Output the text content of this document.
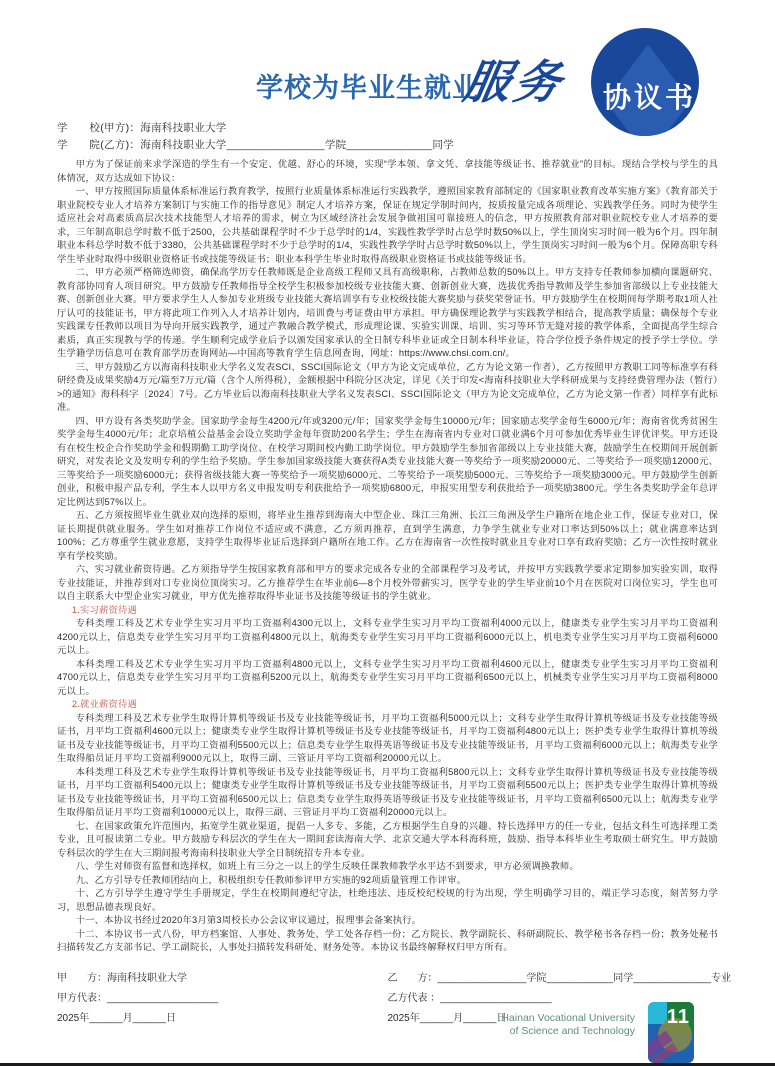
学校为毕业生就业
服务 协议书
学　　校(甲方)：海南科技职业大学
学　　院(乙方)：海南科技职业大学________________学院______________同学

甲方为了保证前来求学深造的学生有一个安定、优越、舒心的环境，实现“学本领、拿文凭、拿技能等级证书、推荐就业”的目标。现结合学校与学生的具体情况，双方达成如下协议：

一、甲方按照国际质量体系标准运行教育教学，按照行业质量体系标准运行实践教学，遵照国家教育部制定的《国家职业教育改革实施方案》《教育部关于职业院校专业人才培养方案制订与实施工作的指导意见》制定人才培养方案，保证在规定学制时间内，按质按量完成各项理论、实践教学任务。同时为使学生适应社会对高素质高层次技术技能型人才培养的需求，树立为区域经济社会发展争做祖国可靠接班人的信念，甲方按照教育部对职业院校专业人才培养的要求，三年制高职总学时数不低于2500，公共基础课程学时不少于总学时的1/4，实践性教学学时占总学时数50%以上，学生顶岗实习时间一般为6个月。四年制职业本科总学时数不低于3380，公共基础课程学时不少于总学时的1/4，实践性教学学时占总学时数50%以上，学生顶岗实习时间一般为6个月。保障高职专科学生毕业时取得中级职业资格证书或技能等级证书；职业本科学生毕业时取得高级职业资格证书或技能等级证书。

二、甲方必须严格筛选师资，确保高学历专任教师既是企业高级工程师又具有高级职称，占教师总数的50%以上。甲方支持专任教师参加横向课题研究、教育部协同育人项目研究。甲方鼓励专任教师指导全校学生积极参加校级专业技能大赛、创新创业大赛，选拔优秀指导教师及学生参加省部级以上专业技能大赛、创新创业大赛。甲方要求学生人人参加专业班级专业技能大赛培训享有专业校级技能大赛奖励与获奖荣誉证书。甲方鼓励学生在校期间每学期考取1项人社厅认可的技能证书，甲方将此项工作列入人才培养计划内，培训费与考证费由甲方承担。甲方确保理论教学与实践教学相结合，提高教学质量；确保每个专业实践课专任教师以项目为导向开展实践教学，通过产教融合教学模式，形成理论课、实验实训课、培训、实习等环节无缝对接的教学体系，全面提高学生综合素质，真正实现教与学的传递。学生顺利完成学业后予以颁发国家承认的全日制专科毕业证或全日制本科毕业证，符合学位授予条件规定的授予学士学位。学生学籍学历信息可在教育部学历查询网站—中国高等教育学生信息网查询，网址：https://www.chsi.com.cn/。

三、甲方鼓励乙方以海南科技职业大学名义发表SCI、SSCI国际论文（甲方为论文完成单位，乙方为论文第一作者），乙方按照甲方教职工同等标准享有科研经费及成果奖励4万元/篇至7万元/篇（含个人所得税），金额根据中科院分区决定，详见《关于印发<海南科技职业大学科研成果与支持经费管理办法（暂行）>的通知》海科科字〔2024〕7号。乙方毕业后以海南科技职业大学名义发表SCI、SSCI国际论文（甲方为论文完成单位，乙方为论文第一作者）同样享有此标准。

四、甲方设有各类奖助学金。国家助学金每生4200元/年或3200元/年；国家奖学金每生10000元/年；国家励志奖学金每生6000元/年；海南省优秀贫困生奖学金每生4000元/年；北京培植公益基金会设立奖助学金每年资助200名学生；学生在海南省内专业对口就业满6个月可参加优秀毕业生评优评奖。甲方还设有在校生校企合作奖助学金和假期勤工助学岗位、在校学习期间校内勤工助学岗位。甲方鼓励学生参加省部级以上专业技能大赛，鼓励学生在校期间开展创新研究，对发表论文及发明专利的学生给予奖励。学生参加国家级技能大赛获得A类专业技能大赛一等奖给予一项奖励20000元、二等奖给予一项奖励12000元、三等奖给予一项奖励6000元；获得省级技能大赛一等奖给予一项奖励6000元、二等奖给予一项奖励5000元、三等奖给予一项奖励3000元。甲方鼓励学生创新创业，积极申报产品专利，学生本人以甲方名义申报发明专利获批给予一项奖励6800元，申报实用型专利获批给予一项奖励3800元。学生各类奖助学金年总评定比例达到57%以上。

五、乙方须按照毕业生就业双向选择的原则，将毕业生推荐到海南大中型企业、珠江三角洲、长江三角洲及学生户籍所在地企业工作，保证专业对口，保证长期提供就业服务。学生如对推荐工作岗位不适应或不满意，乙方须再推荐，直到学生满意，力争学生就业专业对口率达到50%以上；就业满意率达到100%；乙方尊重学生就业意愿，支持学生取得毕业证后选择到户籍所在地工作。乙方在海南省一次性按时就业且专业对口享有政府奖励；乙方一次性按时就业享有学校奖励。

六、实习就业薪资待遇。乙方须指导学生按国家教育部和甲方的要求完成各专业的全部课程学习及考试，并按甲方实践教学要求定期参加实验实训，取得专业技能证，并推荐到对口专业岗位顶岗实习。乙方推荐学生在毕业前6—8个月校外带薪实习，医学专业的学生毕业前10个月在医院对口岗位实习，学生也可以自主联系大中型企业实习就业，甲方优先推荐取得毕业证书及技能等级证书的学生就业。

1.实习薪资待遇

专科类理工科及艺术专业学生实习月平均工资福利4300元以上，文科专业学生实习月平均工资福利4000元以上，健康类专业学生实习月平均工资福利4200元以上，信息类专业学生实习月平均工资福利4800元以上，航海类专业学生实习月平均工资福利6000元以上，机电类专业学生实习月平均工资福利6000元以上。

本科类理工科及艺术专业学生实习月平均工资福利4800元以上，文科专业学生实习月平均工资福利4600元以上，健康类专业学生实习月平均工资福利4700元以上，信息类专业学生实习月平均工资福利5200元以上，航海类专业学生实习月平均工资福利6500元以上，机械类专业学生实习月平均工资福利8000元以上。

2.就业薪资待遇

专科类理工科及艺术专业学生取得计算机等级证书及专业技能等级证书，月平均工资福利5000元以上；文科专业学生取得计算机等级证书及专业技能等级证书，月平均工资福利4600元以上；健康类专业学生取得计算机等级证书及专业技能等级证书，月平均工资福利4800元以上；医护类专业学生取得计算机等级证书及专业技能等级证书，月平均工资福利5500元以上；信息类专业学生取得英语等级证书及专业技能等级证书，月平均工资福利6000元以上；航海类专业学生取得船员证月平均工资福利9000元以上，取得三副、三管证月平均工资福利20000元以上。

本科类理工科及艺术专业学生取得计算机等级证书及专业技能等级证书，月平均工资福利5800元以上；文科专业学生取得计算机等级证书及专业技能等级证书，月平均工资福利5400元以上；健康类专业学生取得计算机等级证书及专业技能等级证书，月平均工资福利5500元以上；医护类专业学生取得计算机等级证书及专业技能等级证书，月平均工资福利6500元以上；信息类专业学生取得英语等级证书及专业技能等级证书，月平均工资福利6500元以上；航海类专业学生取得船员证月平均工资福利10000元以上，取得三副、三管证月平均工资福利20000元以上。

七、在国家政策允许范围内，拓宽学生就业渠道，提倡一人多专、多能，乙方根据学生自身的兴趣、特长选择甲方的任一专业，包括文科生可选择理工类专业，且可报读第二专业。甲方鼓励专科层次的学生在大一期间套读海南大学、北京交通大学本科海科班，鼓励、指导本科毕业生考取硕士研究生。甲方鼓励专科层次的学生在大三期间报考海南科技职业大学全日制统招专升本专业。

八、学生对师资有监督和选择权，如班上有三分之一以上的学生反映任课教师教学水平达不到要求，甲方必须调换教师。

九、乙方引导专任教师团结向上，积极组织专任教师参评甲方实施的92项质量管理工作评审。

十、乙方引导学生遵守学生手册规定，学生在校期间遵纪守法，杜绝违法、违反校纪校规的行为出现，学生明确学习目的，端正学习态度，刻苦努力学习，思想品德表现良好。

十一、本协议书经过2020年3月第3周校长办公会议审议通过，报理事会备案执行。

十二、本协议书一式八份，甲方档案馆、人事处、教务处、学工处各存档一份；乙方院长、教学副院长、科研副院长、教学秘书各存档一份；教务处秘书扫描转发乙方支部书记、学工副院长，人事处扫描转发科研处、财务处等。本协议书最终解释权归甲方所有。

甲　　方：海南科技职业大学
甲方代表：____________________
2025年______月______日
乙　　方：________________学院____________同学______________专业
乙方代表 ：____________________
2025年______月______日
Hainan Vocational University
of Science and Technology
11
